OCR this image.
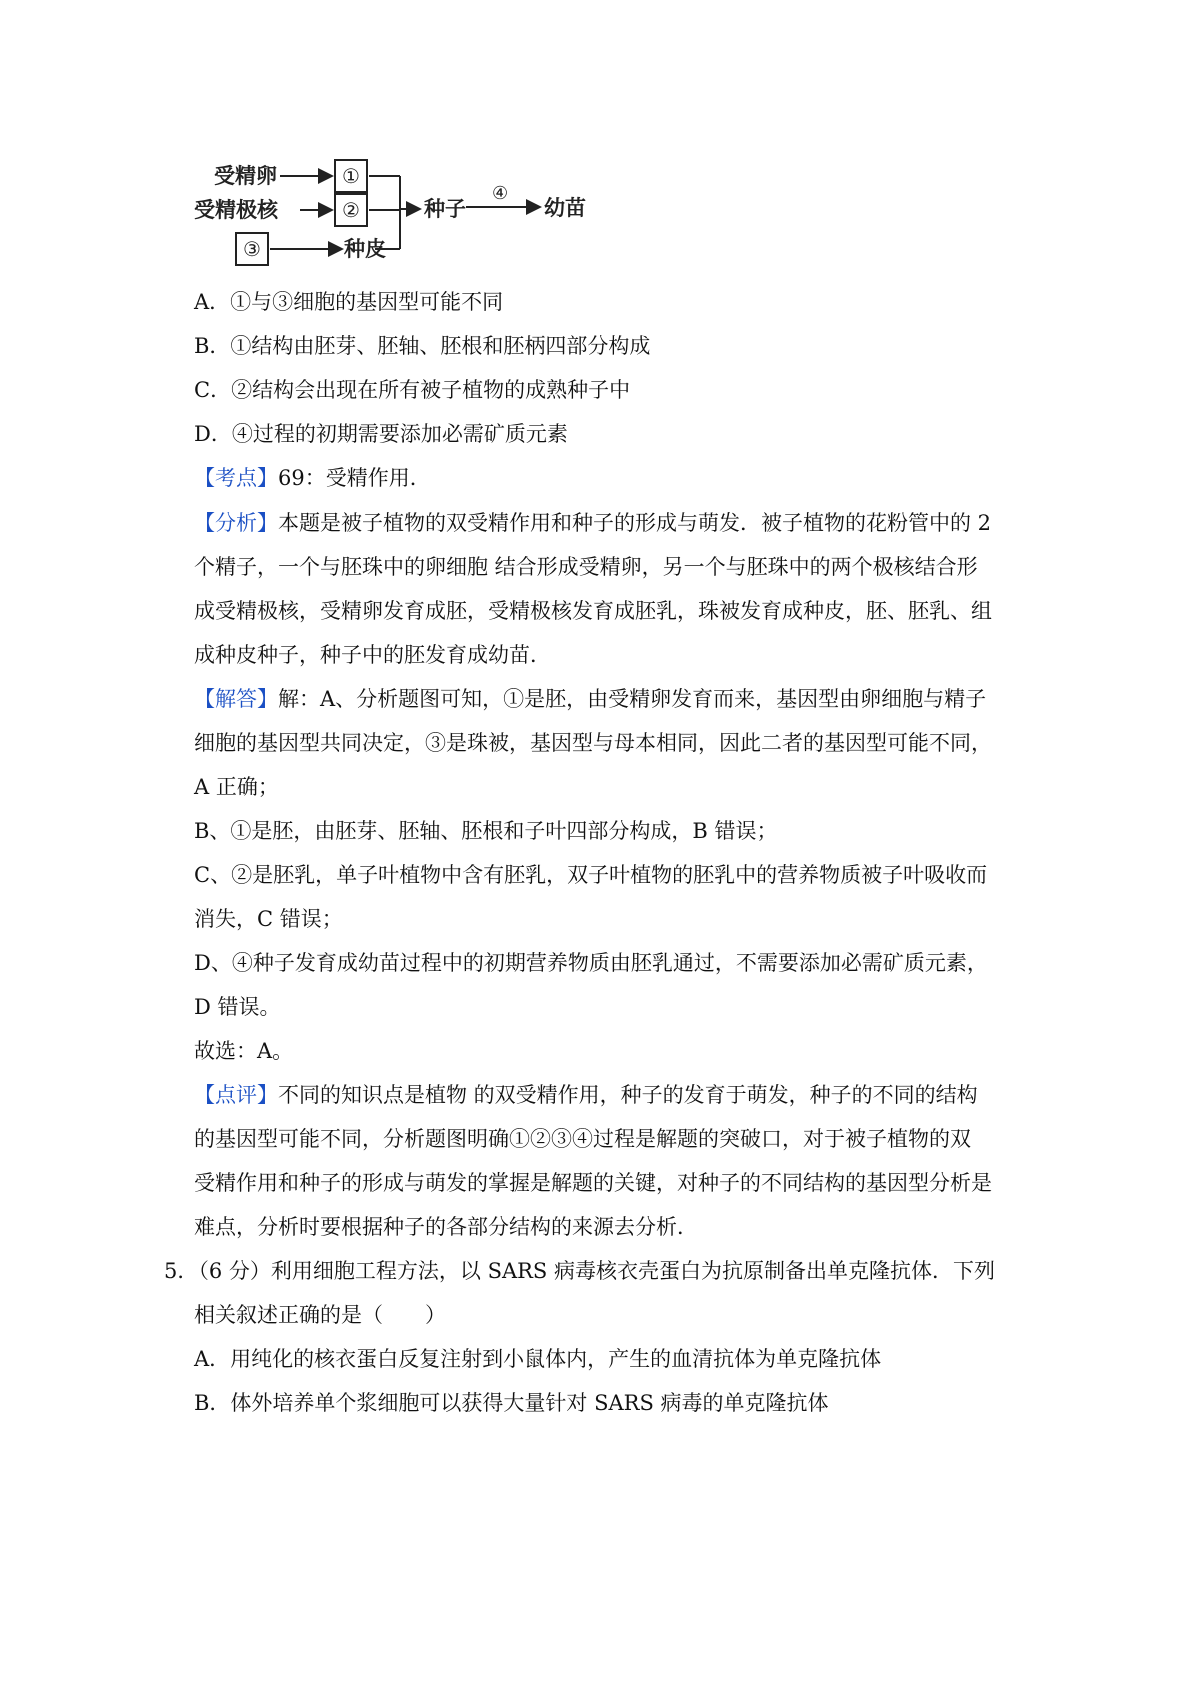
受精卵
受精极核
①
②
③	种皮
种子
④
幼苗
A．①与③细胞的基因型可能不同
B．①结构由胚芽、胚轴、胚根和胚柄四部分构成
C．②结构会出现在所有被子植物的成熟种子中
D．④过程的初期需要添加必需矿质元素
【考点】69：受精作用．
【分析】本题是被子植物的双受精作用和种子的形成与萌发．被子植物的花粉管中的 2
个精子，一个与胚珠中的卵细胞 结合形成受精卵，另一个与胚珠中的两个极核结合形
成受精极核，受精卵发育成胚，受精极核发育成胚乳，珠被发育成种皮，胚、胚乳、组
成种皮种子，种子中的胚发育成幼苗．
【解答】解：A、分析题图可知，①是胚，由受精卵发育而来，基因型由卵细胞与精子
细胞的基因型共同决定，③是珠被，基因型与母本相同，因此二者的基因型可能不同，
A 正确；
B、①是胚，由胚芽、胚轴、胚根和子叶四部分构成，B 错误；
C、②是胚乳，单子叶植物中含有胚乳，双子叶植物的胚乳中的营养物质被子叶吸收而
消失，C 错误；
D、④种子发育成幼苗过程中的初期营养物质由胚乳通过，不需要添加必需矿质元素，
D 错误。
故选：A。
【点评】不同的知识点是植物 的双受精作用，种子的发育于萌发，种子的不同的结构
的基因型可能不同，分析题图明确①②③④过程是解题的突破口，对于被子植物的双
受精作用和种子的形成与萌发的掌握是解题的关键，对种子的不同结构的基因型分析是
难点，分析时要根据种子的各部分结构的来源去分析．
5．（6 分）利用细胞工程方法，以 SARS 病毒核衣壳蛋白为抗原制备出单克隆抗体．下列
相关叙述正确的是（　　）
A．用纯化的核衣蛋白反复注射到小鼠体内，产生的血清抗体为单克隆抗体
B．体外培养单个浆细胞可以获得大量针对 SARS 病毒的单克隆抗体
